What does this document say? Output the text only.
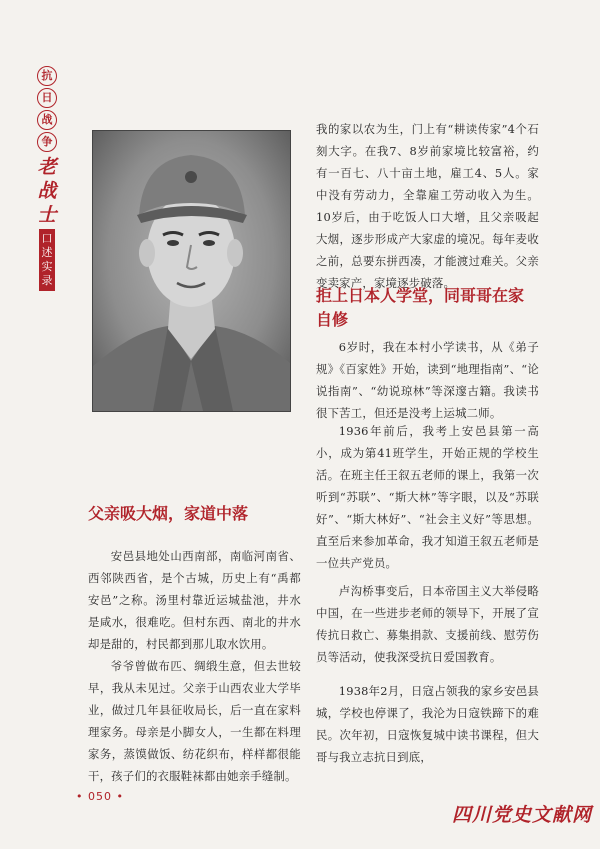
抗
日
战
争
老
战
士
口
述
实
录
父亲吸大烟，家道中落
安邑县地处山西南部，南临河南省、西邻陕西省，是个古城，历史上有“禹都安邑”之称。汤里村靠近运城盐池，井水是咸水，很难吃。但村东西、南北的井水却是甜的，村民都到那儿取水饮用。
爷爷曾做布匹、绸缎生意，但去世较早，我从未见过。父亲于山西农业大学毕业，做过几年县征收局长，后一直在家料理家务。母亲是小脚女人，一生都在料理家务，蒸馍做饭、纺花织布，样样都很能干，孩子们的衣服鞋袜都由她亲手缝制。
我的家以农为生，门上有“耕读传家”4个石刻大字。在我7、8岁前家境比较富裕，约有一百七、八十亩土地，雇工4、5人。家中没有劳动力，全靠雇工劳动收入为生。10岁后，由于吃饭人口大增，且父亲吸起大烟，逐步形成产大家虚的境况。每年麦收之前，总要东拼西凑，才能渡过难关。父亲变卖家产，家境逐步破落。
拒上日本人学堂，同哥哥在家自修
6岁时，我在本村小学读书，从《弟子规》《百家姓》开始，读到“地理指南”、“论说指南”、“幼说琼林”等深邃古籍。我读书很下苦工，但还是没考上运城二师。
1936年前后，我考上安邑县第一高小，成为第41班学生，开始正规的学校生活。在班主任王叙五老师的课上，我第一次听到“苏联”、“斯大林”等字眼，以及“苏联好”、“斯大林好”、“社会主义好”等思想。直至后来参加革命，我才知道王叙五老师是一位共产党员。
卢沟桥事变后，日本帝国主义大举侵略中国，在一些进步老师的领导下，开展了宣传抗日救亡、募集捐款、支援前线、慰劳伤员等活动，使我深受抗日爱国教育。
1938年2月，日寇占领我的家乡安邑县城，学校也停课了，我沦为日寇铁蹄下的难民。次年初，日寇恢复城中读书课程，但大哥与我立志抗日到底，
• 050 •
四川党史文献网
